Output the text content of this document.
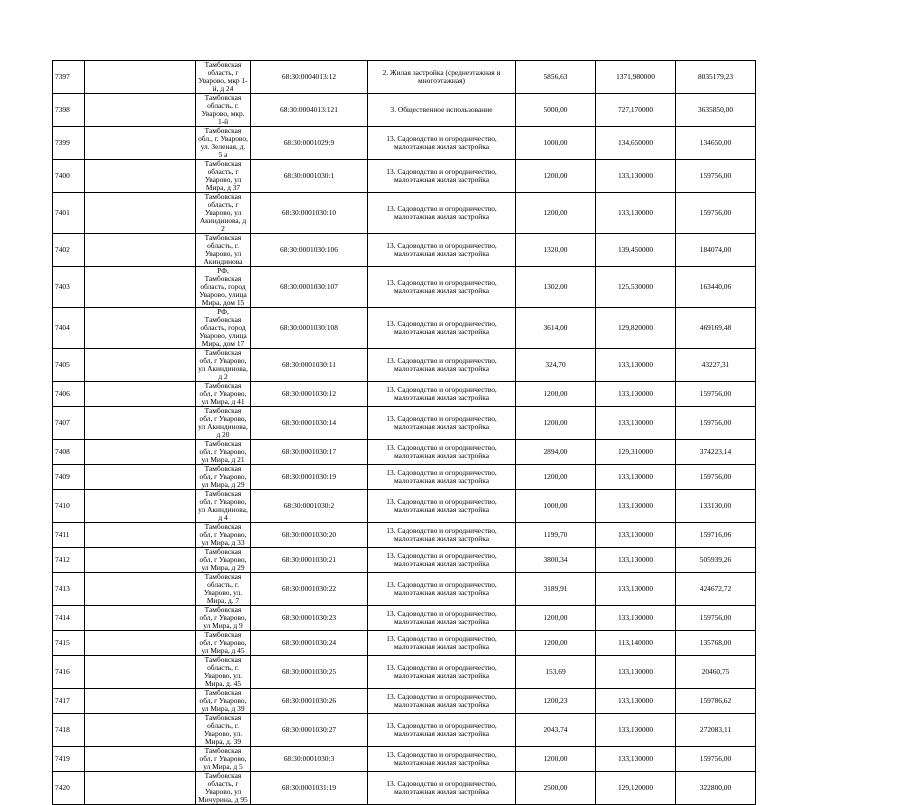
7397		Тамбовская область, г Уварово, мкр 1-й, д 24	68:30:0004013:12	2. Жилая застройка (среднеэтажная и многоэтажная)	5856,63	1371,980000	8035179,23
7398		Тамбовская область, г. Уварово, мкр. 1-й	68:30:0004013:121	3. Общественное использование	5000,00	727,170000	3635850,00
7399		Тамбовская обл., г. Уварово, ул. Зеленая, д. 5 а	68:30:0001029:9	13. Садоводство и огородничество, малоэтажная жилая застройка	1000,00	134,650000	134650,00
7400		Тамбовская область, г Уварово, ул Мира, д 37	68:30:0001030:1	13. Садоводство и огородничество, малоэтажная жилая застройка	1200,00	133,130000	159756,00
7401		Тамбовская область, г Уварово, ул Акиндинова, д 2	68:30:0001030:10	13. Садоводство и огородничество, малоэтажная жилая застройка	1200,00	133,130000	159756,00
7402		Тамбовская область, г. Уварово, ул Акиндинова	68:30:0001030:106	13. Садоводство и огородничество, малоэтажная жилая застройка	1320,00	139,450000	184074,00
7403		РФ, Тамбовская область, город Уварово, улица Мира, дом 15	68:30:0001030:107	13. Садоводство и огородничество, малоэтажная жилая застройка	1302,00	125,530000	163440,06
7404		РФ, Тамбовская область, город Уварово, улица Мира, дом 17	68:30:0001030:108	13. Садоводство и огородничество, малоэтажная жилая застройка	3614,00	129,820000	469169,48
7405		Тамбовская обл, г Уварово, ул Акиндинова, д 2	68:30:0001030:11	13. Садоводство и огородничество, малоэтажная жилая застройка	324,70	133,130000	43227,31
7406		Тамбовская обл, г Уварово, ул Мира, д 41	68:30:0001030:12	13. Садоводство и огородничество, малоэтажная жилая застройка	1200,00	133,130000	159756,00
7407		Тамбовская обл, г Уварово, ул Акиндинова, д 20	68:30:0001030:14	13. Садоводство и огородничество, малоэтажная жилая застройка	1200,00	133,130000	159756,00
7408		Тамбовская обл, г Уварово, ул Мира, д 21	68:30:0001030:17	13. Садоводство и огородничество, малоэтажная жилая застройка	2894,00	129,310000	374223,14
7409		Тамбовская обл, г Уварово, ул Мира, д 29	68:30:0001030:19	13. Садоводство и огородничество, малоэтажная жилая застройка	1200,00	133,130000	159756,00
7410		Тамбовская обл, г Уварово, ул Акиндинова, д 4	68:30:0001030:2	13. Садоводство и огородничество, малоэтажная жилая застройка	1000,00	133,130000	133130,00
7411		Тамбовская обл, г Уварово, ул Мира, д 33	68:30:0001030:20	13. Садоводство и огородничество, малоэтажная жилая застройка	1199,70	133,130000	159716,06
7412		Тамбовская обл, г Уварово, ул Мира, д 29	68:30:0001030:21	13. Садоводство и огородничество, малоэтажная жилая застройка	3800,34	133,130000	505939,26
7413		Тамбовская область, г. Уварово, ул. Мира, д. 7	68:30:0001030:22	13. Садоводство и огородничество, малоэтажная жилая застройка	3189,91	133,130000	424672,72
7414		Тамбовская обл, г Уварово, ул Мира, д 9	68:30:0001030:23	13. Садоводство и огородничество, малоэтажная жилая застройка	1200,00	133,130000	159756,00
7415		Тамбовская обл, г Уварово, ул Мира, д 45	68:30:0001030:24	13. Садоводство и огородничество, малоэтажная жилая застройка	1200,00	113,140000	135768,00
7416		Тамбовская область, г. Уварово, ул. Мира, д. 45	68:30:0001030:25	13. Садоводство и огородничество, малоэтажная жилая застройка	153,69	133,130000	20460,75
7417		Тамбовская обл, г Уварово, ул Мира, д 39	68:30:0001030:26	13. Садоводство и огородничество, малоэтажная жилая застройка	1200,23	133,130000	159786,62
7418		Тамбовская область, г. Уварово, ул. Мира, д. 39	68:30:0001030:27	13. Садоводство и огородничество, малоэтажная жилая застройка	2043,74	133,130000	272083,11
7419		Тамбовская обл, г Уварово, ул Мира, д 5	68:30:0001030:3	13. Садоводство и огородничество, малоэтажная жилая застройка	1200,00	133,130000	159756,00
7420		Тамбовская область, г Уварово, ул Мичурина, д 95	68:30:0001031:19	13. Садоводство и огородничество, малоэтажная жилая застройка	2500,00	129,120000	322800,00
